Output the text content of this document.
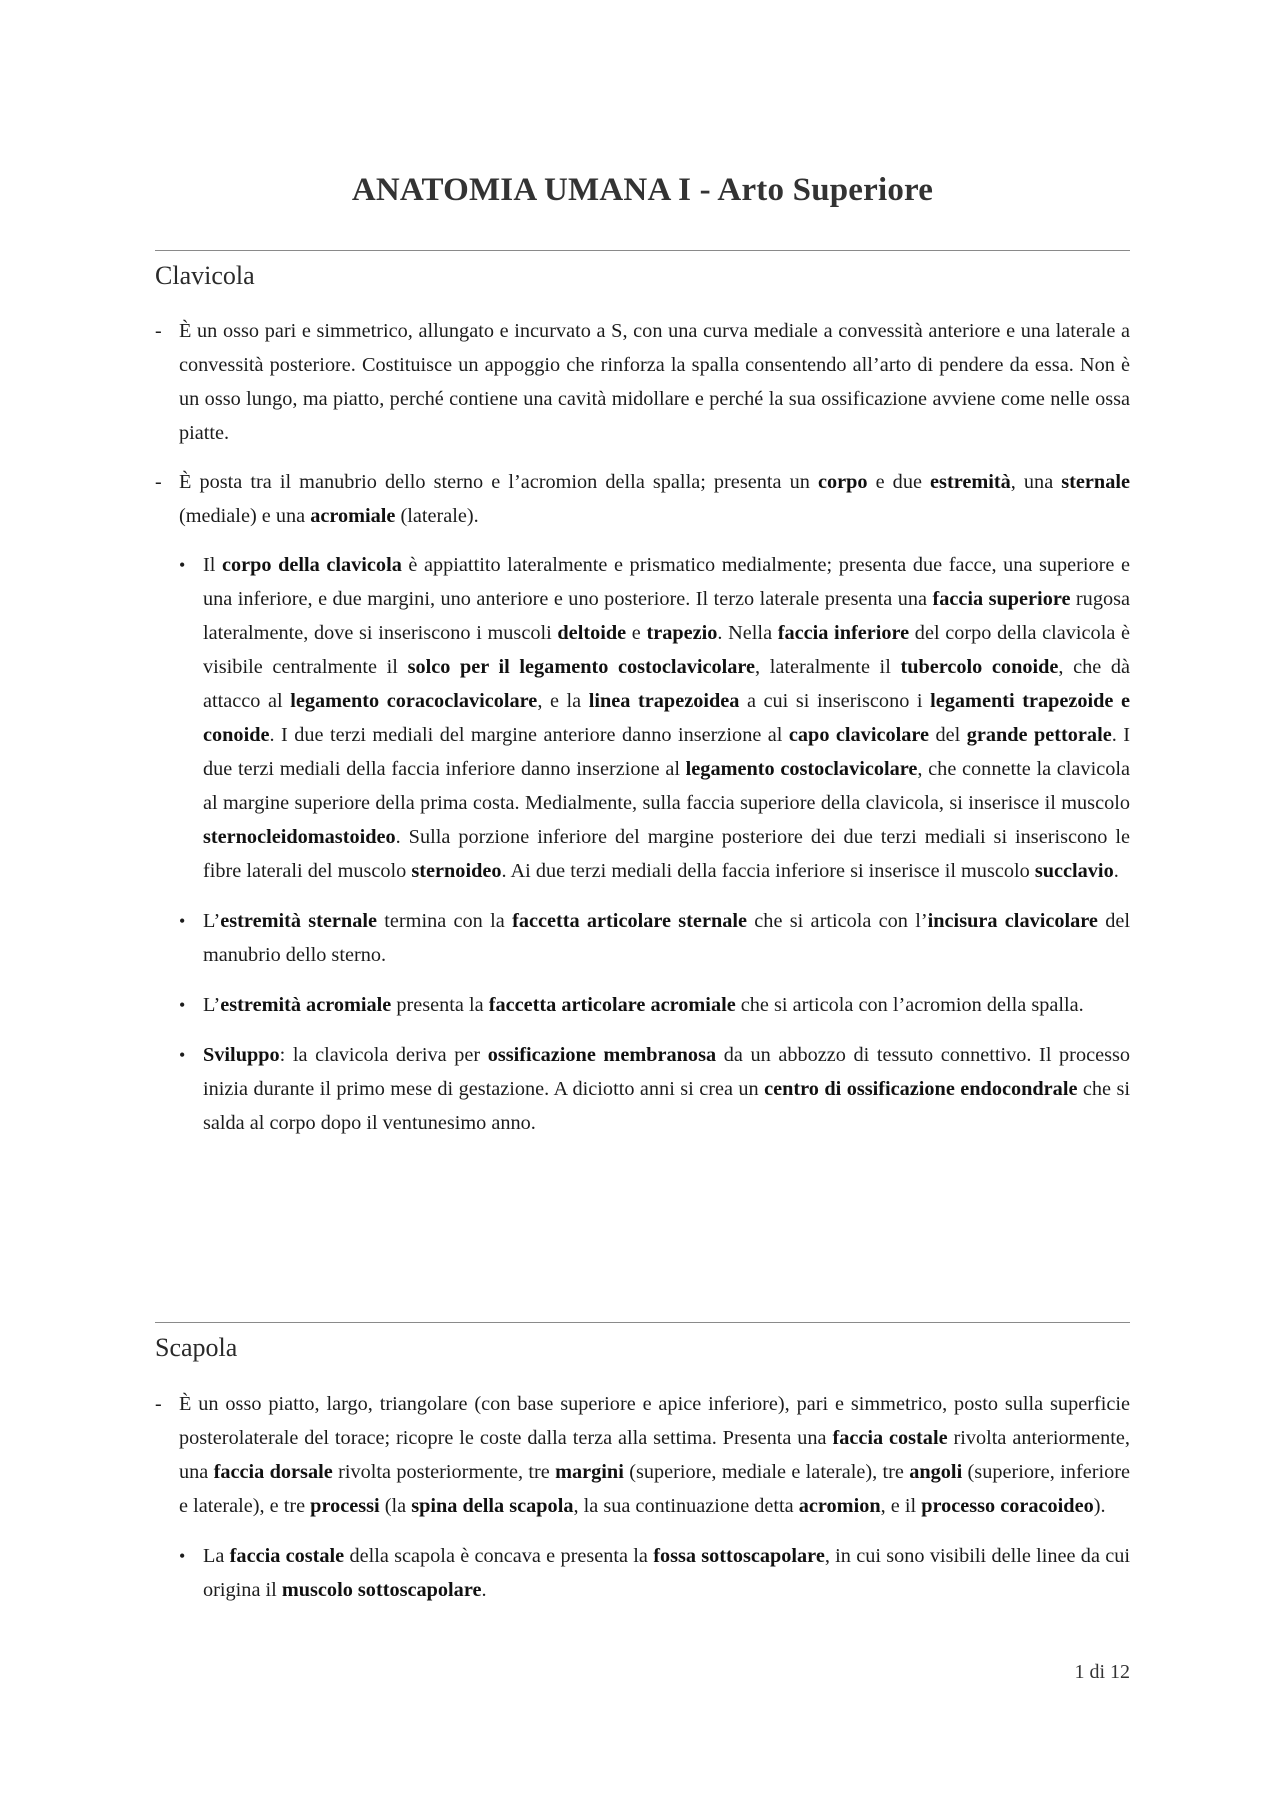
ANATOMIA UMANA I - Arto Superiore
Clavicola
- È un osso pari e simmetrico, allungato e incurvato a S, con una curva mediale a convessità anteriore e una laterale a convessità posteriore. Costituisce un appoggio che rinforza la spalla consentendo all’arto di pendere da essa. Non è un osso lungo, ma piatto, perché contiene una cavità midollare e perché la sua ossificazione avviene come nelle ossa piatte.
- È posta tra il manubrio dello sterno e l’acromion della spalla; presenta un corpo e due estremità, una sternale (mediale) e una acromiale (laterale).
• Il corpo della clavicola è appiattito lateralmente e prismatico medialmente; presenta due facce, una superiore e una inferiore, e due margini, uno anteriore e uno posteriore. Il terzo laterale presenta una faccia superiore rugosa lateralmente, dove si inseriscono i muscoli deltoide e trapezio. Nella faccia inferiore del corpo della clavicola è visibile centralmente il solco per il legamento costoclavicolare, lateralmente il tubercolo conoide, che dà attacco al legamento coracoclavicolare, e la linea trapezoidea a cui si inseriscono i legamenti trapezoide e conoide. I due terzi mediali del margine anteriore danno inserzione al capo clavicolare del grande pettorale. I due terzi mediali della faccia inferiore danno inserzione al legamento costoclavicolare, che connette la clavicola al margine superiore della prima costa. Medialmente, sulla faccia superiore della clavicola, si inserisce il muscolo sternocleidomastoideo. Sulla porzione inferiore del margine posteriore dei due terzi mediali si inseriscono le fibre laterali del muscolo sternoideo. Ai due terzi mediali della faccia inferiore si inserisce il muscolo succlavio.
• L’estremità sternale termina con la faccetta articolare sternale che si articola con l’incisura clavicolare del manubrio dello sterno.
• L’estremità acromiale presenta la faccetta articolare acromiale che si articola con l’acromion della spalla.
• Sviluppo: la clavicola deriva per ossificazione membranosa da un abbozzo di tessuto connettivo. Il processo inizia durante il primo mese di gestazione. A diciotto anni si crea un centro di ossificazione endocondrale che si salda al corpo dopo il ventunesimo anno.
Scapola
- È un osso piatto, largo, triangolare (con base superiore e apice inferiore), pari e simmetrico, posto sulla superficie posterolaterale del torace; ricopre le coste dalla terza alla settima. Presenta una faccia costale rivolta anteriormente, una faccia dorsale rivolta posteriormente, tre margini (superiore, mediale e laterale), tre angoli (superiore, inferiore e laterale), e tre processi (la spina della scapola, la sua continuazione detta acromion, e il processo coracoideo).
• La faccia costale della scapola è concava e presenta la fossa sottoscapolare, in cui sono visibili delle linee da cui origina il muscolo sottoscapolare.
1 di 12
